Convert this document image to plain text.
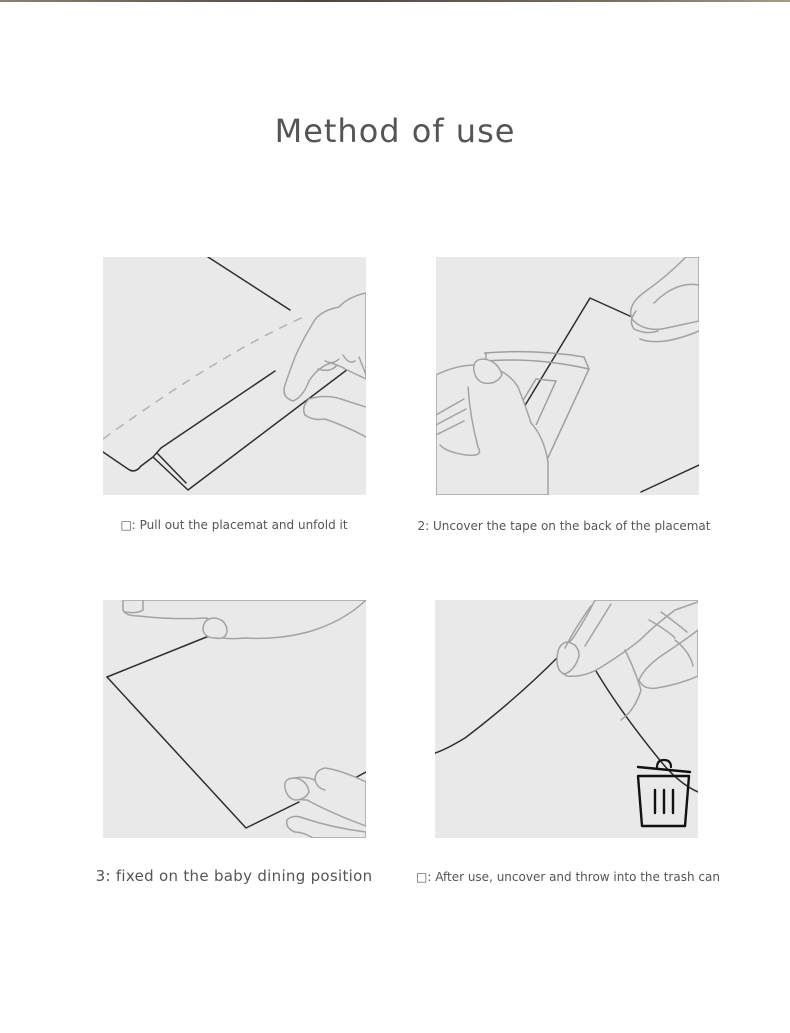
Method of use
□: Pull out the placemat and unfold it	2: Uncover the tape on the back of the placemat
3: fixed on the baby dining position	□: After use, uncover and throw into the trash can
